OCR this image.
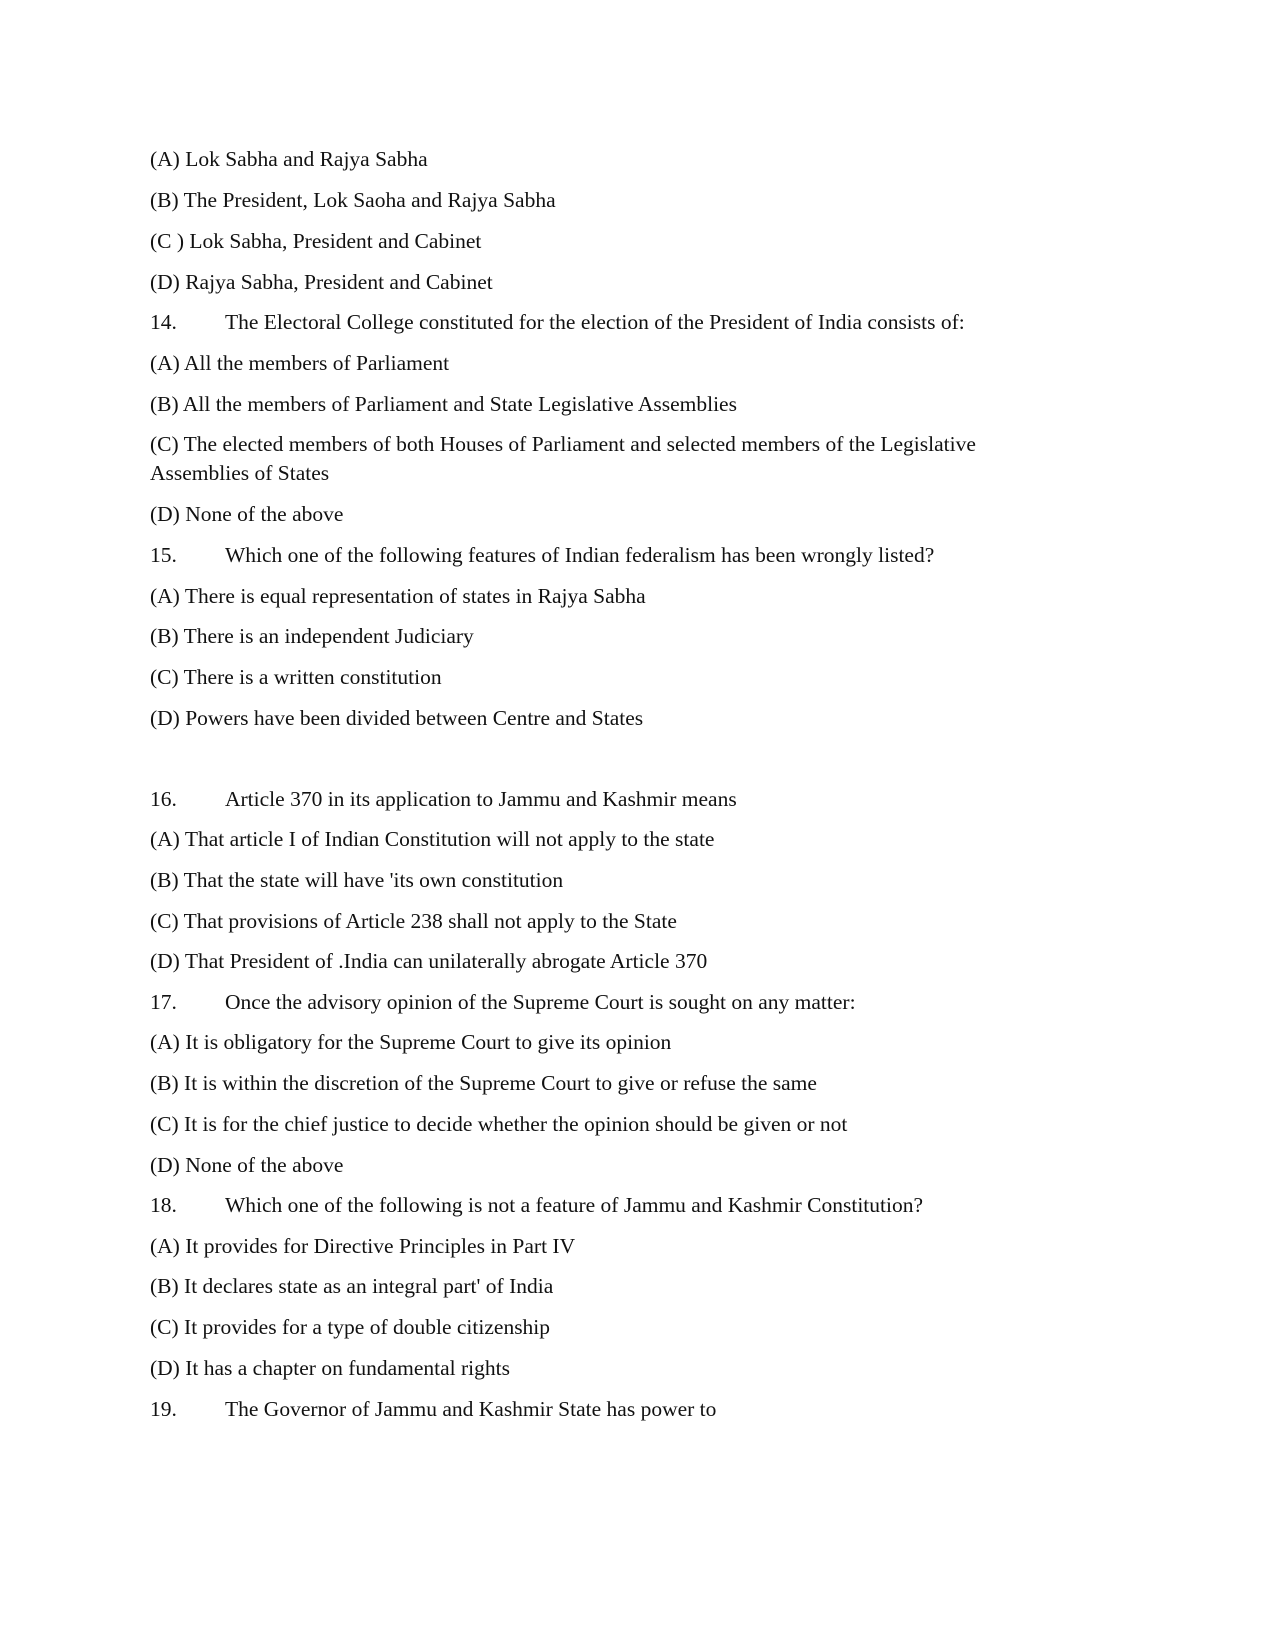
(A) Lok Sabha and Rajya Sabha
(B) The President, Lok Saoha and Rajya Sabha
(C ) Lok Sabha, President and Cabinet
(D) Rajya Sabha, President and Cabinet
14. The Electoral College constituted for the election of the President of India consists of:
(A) All the members of Parliament
(B) All the members of Parliament and State Legislative Assemblies
(C) The elected members of both Houses of Parliament and selected members of the Legislative Assemblies of States
(D) None of the above
15. Which one of the following features of Indian federalism has been wrongly listed?
(A) There is equal representation of states in Rajya Sabha
(B) There is an independent Judiciary
(C) There is a written constitution
(D) Powers have been divided between Centre and States
16. Article 370 in its application to Jammu and Kashmir means
(A) That article I of Indian Constitution will not apply to the state
(B) That the state will have 'its own constitution
(C) That provisions of Article 238 shall not apply to the State
(D) That President of .India can unilaterally abrogate Article 370
17. Once the advisory opinion of the Supreme Court is sought on any matter:
(A) It is obligatory for the Supreme Court to give its opinion
(B) It is within the discretion of the Supreme Court to give or refuse the same
(C) It is for the chief justice to decide whether the opinion should be given or not
(D) None of the above
18. Which one of the following is not a feature of Jammu and Kashmir Constitution?
(A) It provides for Directive Principles in Part IV
(B) It declares state as an integral part' of India
(C) It provides for a type of double citizenship
(D) It has a chapter on fundamental rights
19. The Governor of Jammu and Kashmir State has power to
